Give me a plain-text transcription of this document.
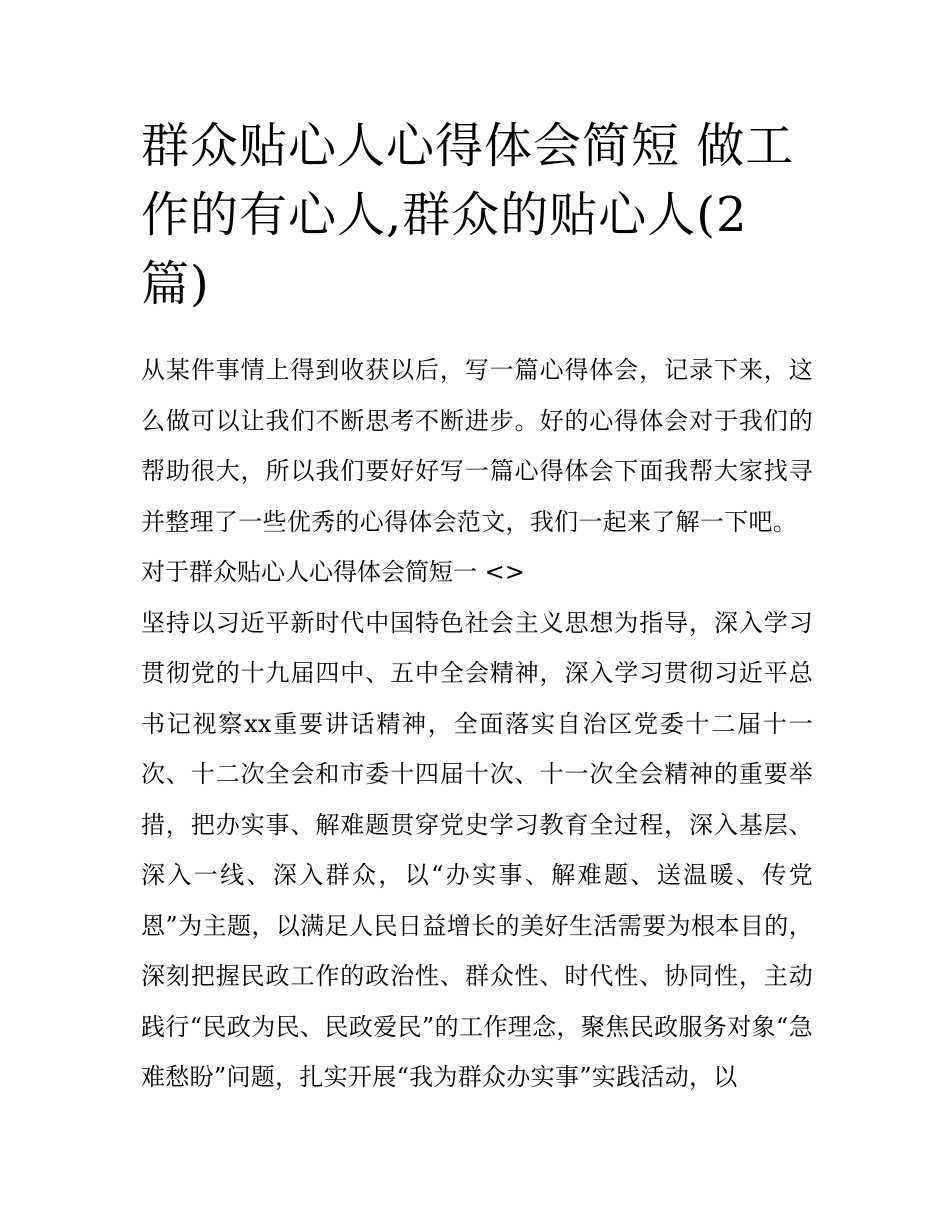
群众贴心人心得体会简短 做工作的有心人,群众的贴心人(2篇)

从某件事情上得到收获以后，写一篇心得体会，记录下来，这么做可以让我们不断思考不断进步。好的心得体会对于我们的帮助很大，所以我们要好好写一篇心得体会下面我帮大家找寻并整理了一些优秀的心得体会范文，我们一起来了解一下吧。

对于群众贴心人心得体会简短一 <>

坚持以习近平新时代中国特色社会主义思想为指导，深入学习贯彻党的十九届四中、五中全会精神，深入学习贯彻习近平总书记视察xx重要讲话精神，全面落实自治区党委十二届十一次、十二次全会和市委十四届十次、十一次全会精神的重要举措，把办实事、解难题贯穿党史学习教育全过程，深入基层、深入一线、深入群众，以“办实事、解难题、送温暖、传党恩”为主题，以满足人民日益增长的美好生活需要为根本目的，深刻把握民政工作的政治性、群众性、时代性、协同性，主动践行“民政为民、民政爱民”的工作理念，聚焦民政服务对象“急难愁盼”问题，扎实开展“我为群众办实事”实践活动，以
